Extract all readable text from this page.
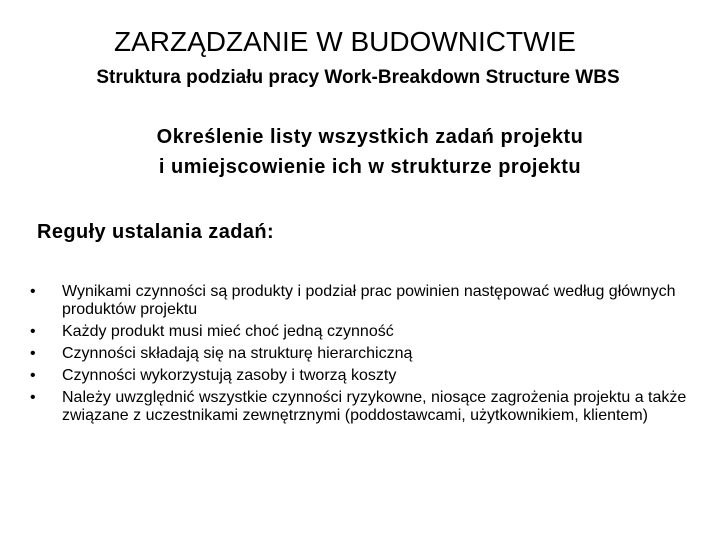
ZARZĄDZANIE W BUDOWNICTWIE
Struktura podziału pracy Work-Breakdown Structure WBS
Określenie listy wszystkich zadań projektu
i umiejscowienie ich w strukturze projektu
Reguły ustalania zadań:
• Wynikami czynności są produkty i podział prac powinien następować według głównych produktów projektu
• Każdy produkt musi mieć choć jedną czynność
• Czynności składają się na strukturę hierarchiczną
• Czynności wykorzystują zasoby i tworzą koszty
• Należy uwzględnić wszystkie czynności ryzykowne, niosące zagrożenia projektu a także związane z uczestnikami zewnętrznymi (poddostawcami, użytkownikiem, klientem)
